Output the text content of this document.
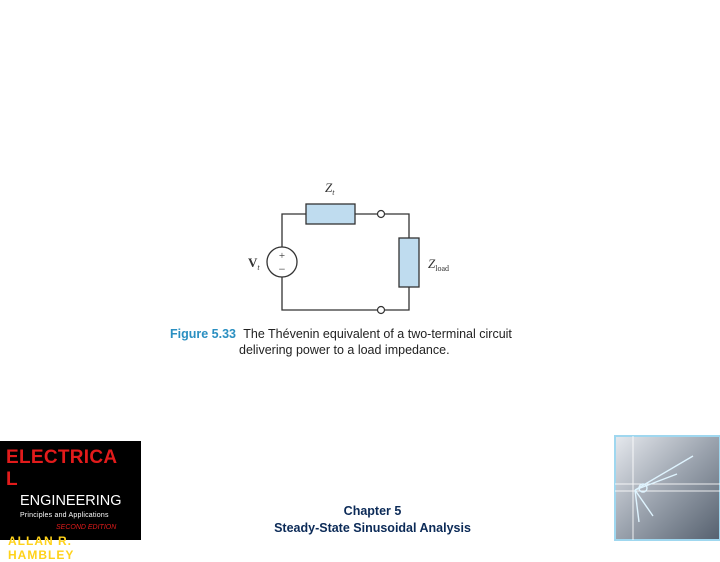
+
−
$Z_t$
$Z_{load}$
$V_t$
Figure 5.33 The Thévenin equivalent of a two-terminal circuit
delivering power to a load impedance.
ELECTRICA
L
ENGINEERING
Principles and Applications
SECOND EDITION
ALLAN R. HAMBLEY
Chapter 5
Steady-State Sinusoidal Analysis
